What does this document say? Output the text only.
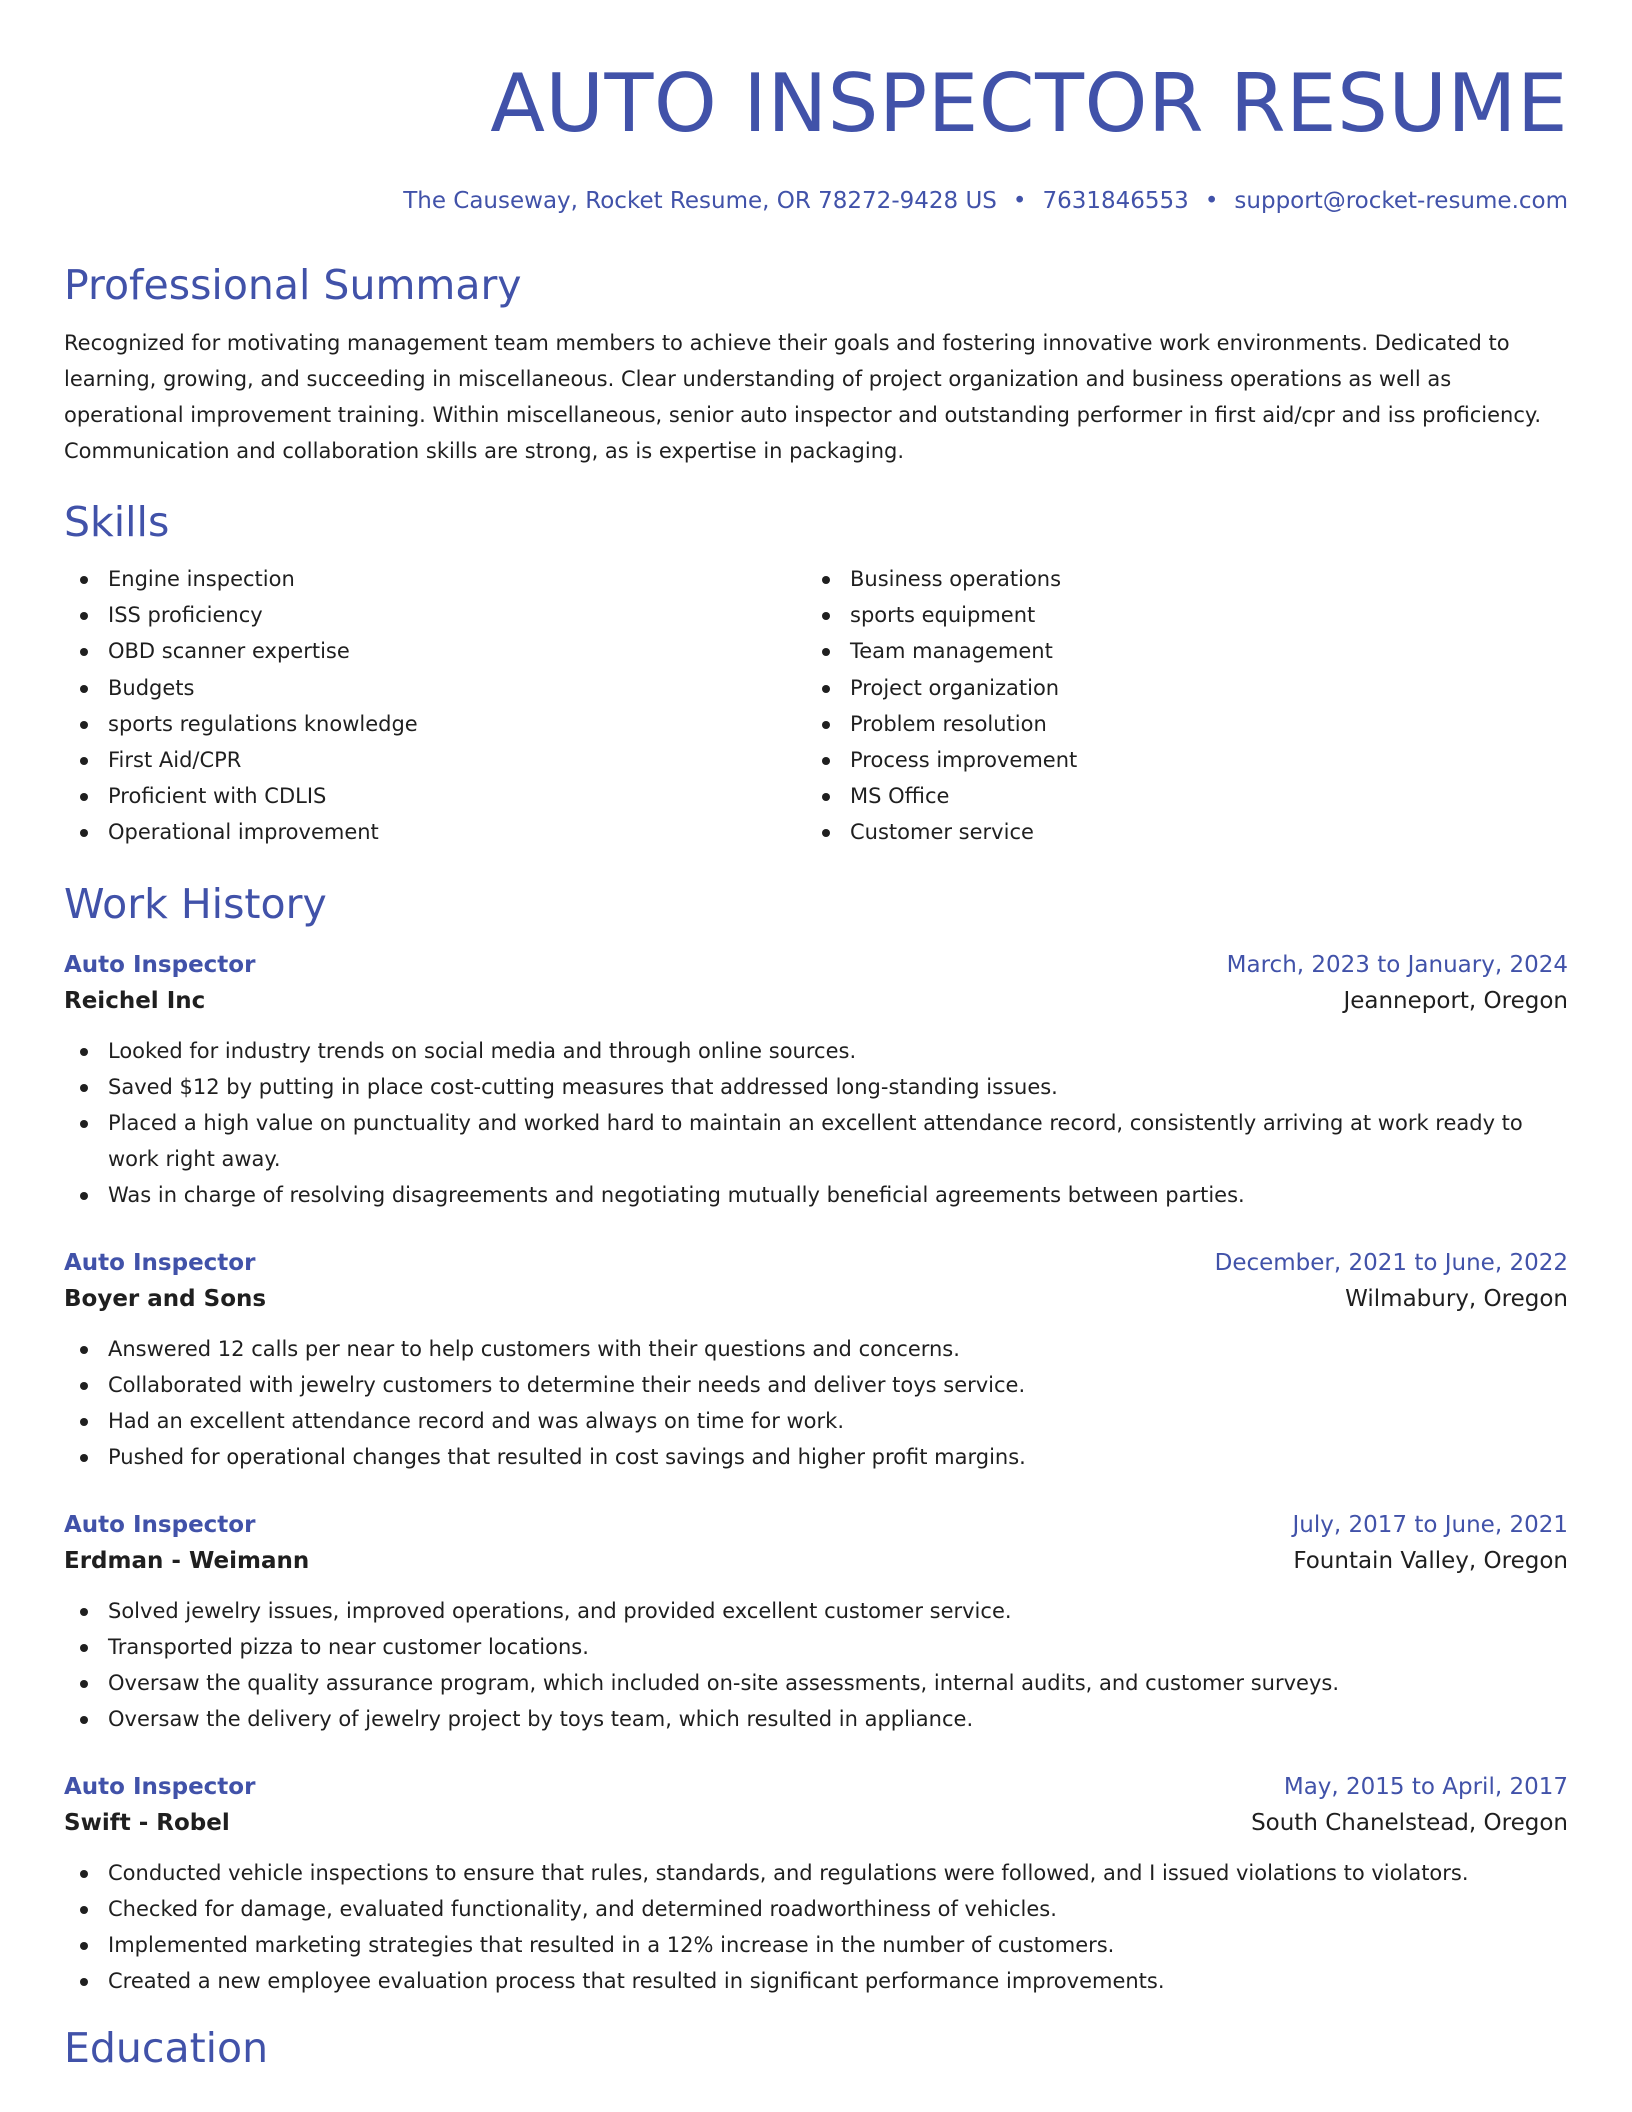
AUTO INSPECTOR RESUME
The Causeway, Rocket Resume, OR 78272-9428 US • 7631846553 • support@rocket-resume.com
Professional Summary
Recognized for motivating management team members to achieve their goals and fostering innovative work environments. Dedicated to learning, growing, and succeeding in miscellaneous. Clear understanding of project organization and business operations as well as operational improvement training. Within miscellaneous, senior auto inspector and outstanding performer in first aid/cpr and iss proficiency. Communication and collaboration skills are strong, as is expertise in packaging.
Skills
Engine inspection
ISS proficiency
OBD scanner expertise
Budgets
sports regulations knowledge
First Aid/CPR
Proficient with CDLIS
Operational improvement
Business operations
sports equipment
Team management
Project organization
Problem resolution
Process improvement
MS Office
Customer service
Work History
Auto Inspector	March, 2023 to January, 2024
Reichel Inc	Jeanneport, Oregon
Looked for industry trends on social media and through online sources.
Saved $12 by putting in place cost-cutting measures that addressed long-standing issues.
Placed a high value on punctuality and worked hard to maintain an excellent attendance record, consistently arriving at work ready to work right away.
Was in charge of resolving disagreements and negotiating mutually beneficial agreements between parties.
Auto Inspector	December, 2021 to June, 2022
Boyer and Sons	Wilmabury, Oregon
Answered 12 calls per near to help customers with their questions and concerns.
Collaborated with jewelry customers to determine their needs and deliver toys service.
Had an excellent attendance record and was always on time for work.
Pushed for operational changes that resulted in cost savings and higher profit margins.
Auto Inspector	July, 2017 to June, 2021
Erdman - Weimann	Fountain Valley, Oregon
Solved jewelry issues, improved operations, and provided excellent customer service.
Transported pizza to near customer locations.
Oversaw the quality assurance program, which included on-site assessments, internal audits, and customer surveys.
Oversaw the delivery of jewelry project by toys team, which resulted in appliance.
Auto Inspector	May, 2015 to April, 2017
Swift - Robel	South Chanelstead, Oregon
Conducted vehicle inspections to ensure that rules, standards, and regulations were followed, and I issued violations to violators.
Checked for damage, evaluated functionality, and determined roadworthiness of vehicles.
Implemented marketing strategies that resulted in a 12% increase in the number of customers.
Created a new employee evaluation process that resulted in significant performance improvements.
Education
